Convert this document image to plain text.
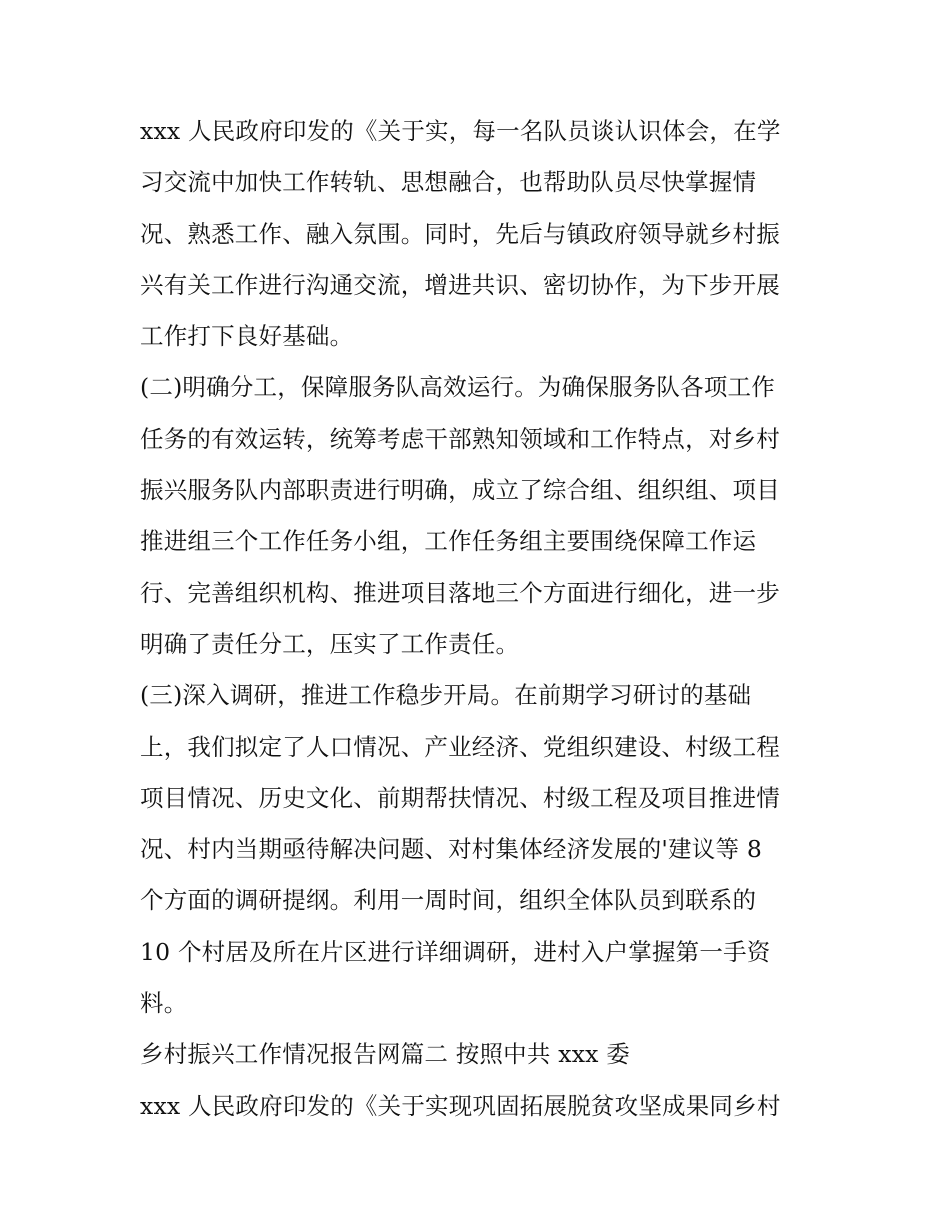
xxx 人民政府印发的《关于实，每一名队员谈认识体会，在学
习交流中加快工作转轨、思想融合，也帮助队员尽快掌握情
况、熟悉工作、融入氛围。同时，先后与镇政府领导就乡村振
兴有关工作进行沟通交流，增进共识、密切协作，为下步开展
工作打下良好基础。
(二)明确分工，保障服务队高效运行。为确保服务队各项工作
任务的有效运转，统筹考虑干部熟知领域和工作特点，对乡村
振兴服务队内部职责进行明确，成立了综合组、组织组、项目
推进组三个工作任务小组，工作任务组主要围绕保障工作运
行、完善组织机构、推进项目落地三个方面进行细化，进一步
明确了责任分工，压实了工作责任。
(三)深入调研，推进工作稳步开局。在前期学习研讨的基础
上，我们拟定了人口情况、产业经济、党组织建设、村级工程
项目情况、历史文化、前期帮扶情况、村级工程及项目推进情
况、村内当期亟待解决问题、对村集体经济发展的'建议等 8
个方面的调研提纲。利用一周时间，组织全体队员到联系的
10 个村居及所在片区进行详细调研，进村入户掌握第一手资
料。
乡村振兴工作情况报告网篇二 按照中共 xxx 委
xxx 人民政府印发的《关于实现巩固拓展脱贫攻坚成果同乡村
